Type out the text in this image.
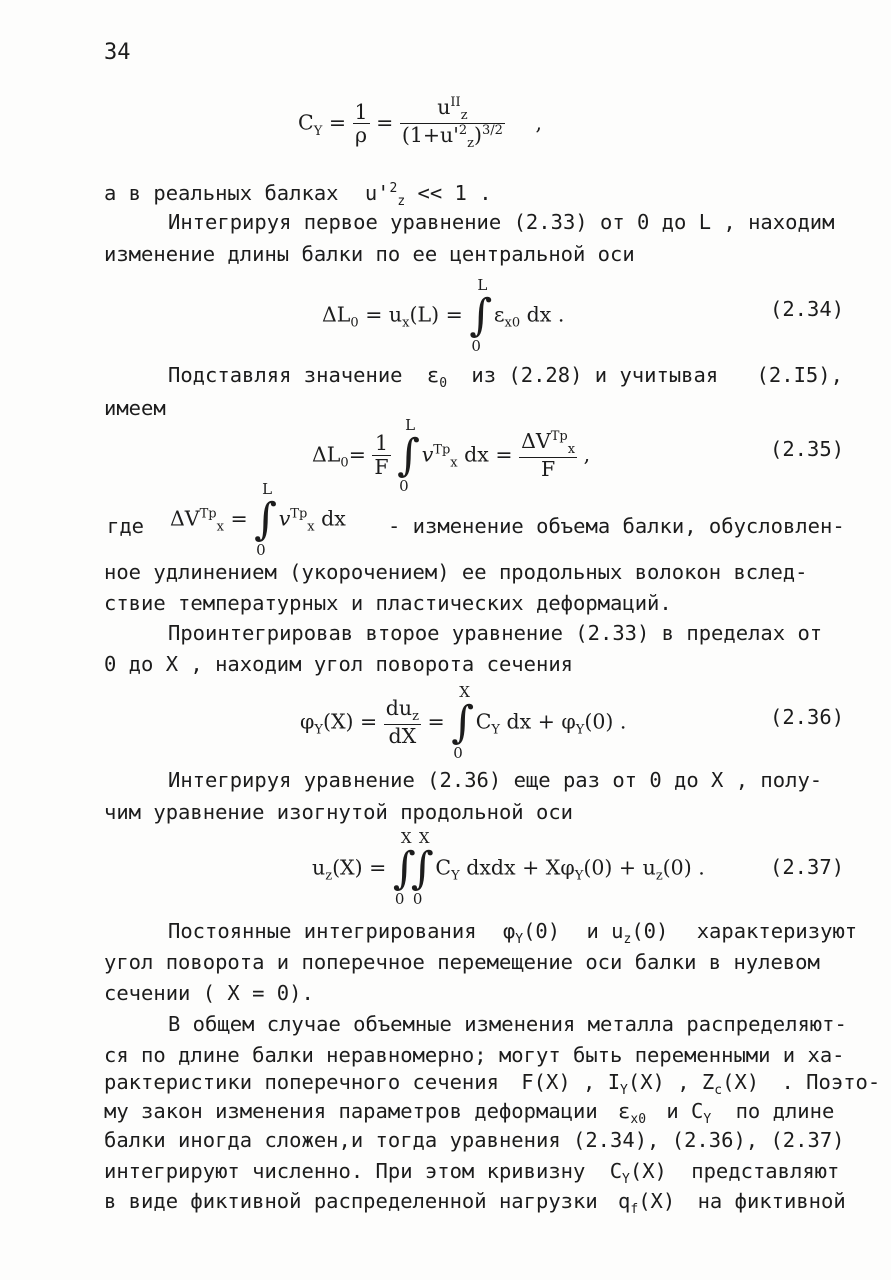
34
$C_Y = \frac{1}{\rho} = \frac{u^{II}_z}{(1+u'^2_z)^{3/2}}$ ,
а в реальных балках $u'^2_z << 1$ .
Интегрируя первое уравнение (2.33) от 0 до L , находим
изменение длины балки по ее центральной оси
$\Delta L_0 = u_x(L)$ = ∫
L
0
$\varepsilon_{x0}$ dx .	(2.34)
Подставляя значение $\varepsilon_0$ из (2.28) и учитывая (2.I5),
имеем
$\Delta L_0= \frac{1}{F}$ ∫
L
0
$v^{Тр}_x$ dx = $\frac{\Delta V^{Тр}_x}{F}$ ,	(2.35)
где $\Delta V^{Тр}_x$ = ∫
L
0
$v^{Тр}_x$ dx - изменение объема балки, обусловлен-
ное удлинением (укорочением) ее продольных волокон вслед-
ствие температурных и пластических деформаций.
Проинтегрировав второе уравнение (2.33) в пределах от
0 до X , находим угол поворота сечения
$\varphi_Y(X) = \frac{du_z}{dX}$ = ∫
X
0
$C_Y$ dx + $\varphi_Y(0)$ .	(2.36)
Интегрируя уравнение (2.36) еще раз от 0 до X , полу-
чим уравнение изогнутой продольной оси
$u_z(X)$ = ∫
X
0
∫
X
0
$C_Y$ dxdx + $X\varphi_Y(0) + u_z(0)$ .	(2.37)
Постоянные интегрирования $\varphi_Y(0)$ и $u_z(0)$ характеризуют
угол поворота и поперечное перемещение оси балки в нулевом
сечении ( X = 0).
В общем случае объемные изменения металла распределяют-
ся по длине балки неравномерно; могут быть переменными и ха-
рактеристики поперечного сечения F(X) , $I_Y(X)$ , $Z_c(X)$ . Поэто-
му закон изменения параметров деформации $\varepsilon_{x0}$ и $C_Y$ по длине
балки иногда сложен,и тогда уравнения (2.34), (2.36), (2.37)
интегрируют численно. При этом кривизну $C_Y(X)$ представляют
в виде фиктивной распределенной нагрузки $q_f(X)$ на фиктивной
